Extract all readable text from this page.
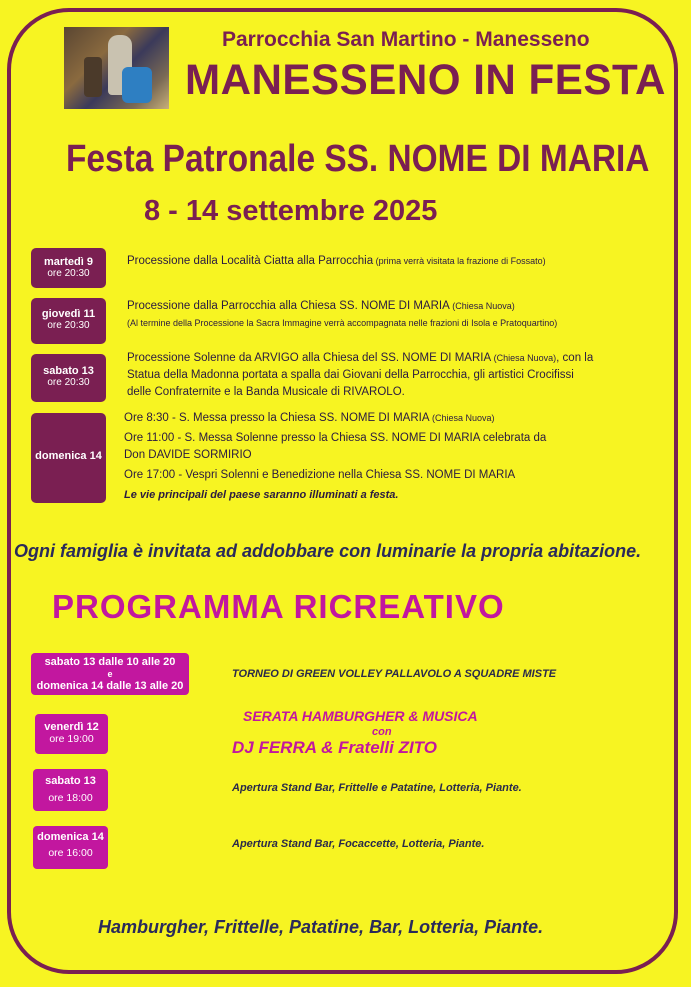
Parrocchia San Martino - Manesseno
MANESSENO IN FESTA
Festa Patronale SS. NOME DI MARIA
8 - 14 settembre 2025
martedì 9
ore 20:30
Processione dalla Località Ciatta alla Parrocchia (prima verrà visitata la frazione di Fossato)
giovedì 11
ore 20:30
Processione dalla Parrocchia alla Chiesa SS. NOME DI MARIA (Chiesa Nuova)
(Al termine della Processione la Sacra Immagine verrà accompagnata nelle frazioni di Isola e Pratoquartino)
sabato 13
ore 20:30
Processione Solenne da ARVIGO alla Chiesa del SS. NOME DI MARIA (Chiesa Nuova), con la
Statua della Madonna portata a spalla dai Giovani della Parrocchia, gli artistici Crocifissi
delle Confraternite e la Banda Musicale di RIVAROLO.
domenica 14
Ore 8:30 - S. Messa presso la Chiesa SS. NOME DI MARIA (Chiesa Nuova)
Ore 11:00 - S. Messa Solenne presso la Chiesa SS. NOME DI MARIA celebrata da
Don DAVIDE SORMIRIO
Ore 17:00 - Vespri Solenni e Benedizione nella Chiesa SS. NOME DI MARIA
Le vie principali del paese saranno illuminati a festa.
Ogni famiglia è invitata ad addobbare con luminarie la propria abitazione.
PROGRAMMA RICREATIVO
sabato 13 dalle 10 alle 20
e
domenica 14 dalle 13 alle 20
TORNEO DI GREEN VOLLEY PALLAVOLO A SQUADRE MISTE
venerdì 12
ore 19:00
SERATA HAMBURGHER & MUSICA
con
DJ FERRA & Fratelli ZITO
sabato 13
ore 18:00
Apertura Stand Bar, Frittelle e Patatine, Lotteria, Piante.
domenica 14
ore 16:00
Apertura Stand Bar, Focaccette, Lotteria, Piante.
Hamburgher, Frittelle, Patatine, Bar, Lotteria, Piante.
